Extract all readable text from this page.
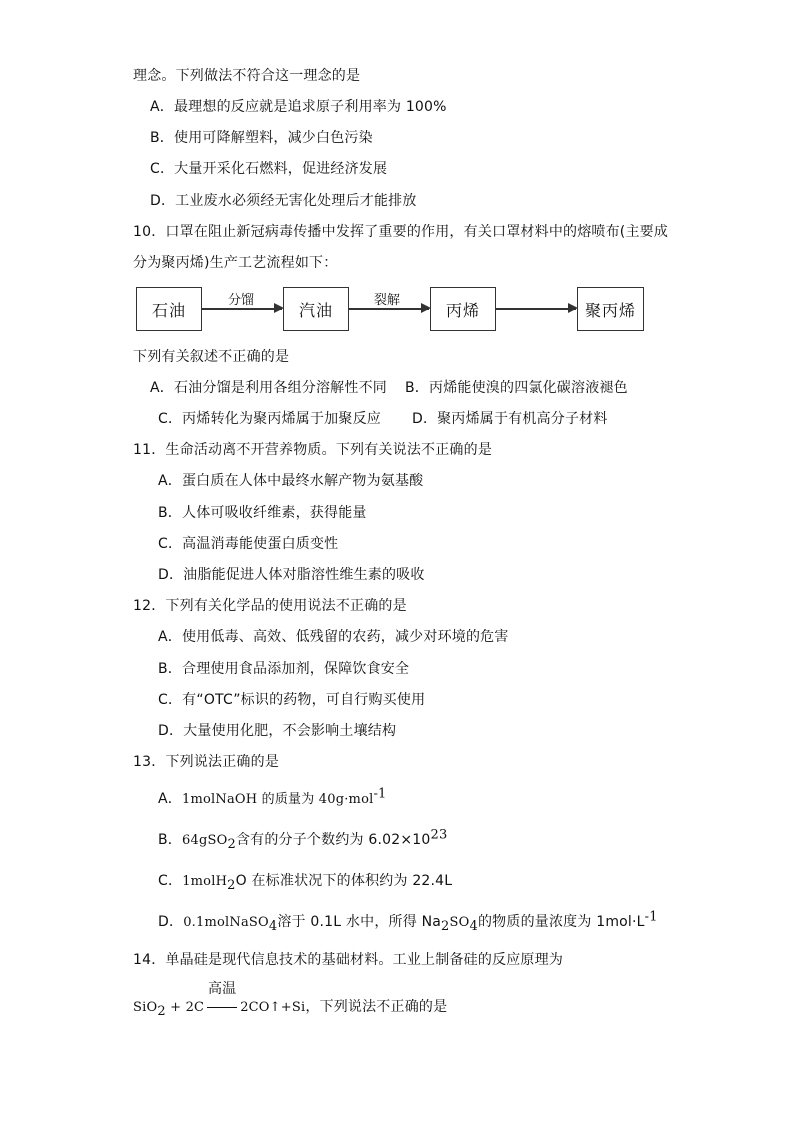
理念。下列做法不符合这一理念的是
A．最理想的反应就是追求原子利用率为 100%
B．使用可降解塑料，减少白色污染
C．大量开采化石燃料，促进经济发展
D．工业废水必须经无害化处理后才能排放
10．口罩在阻止新冠病毒传播中发挥了重要的作用，有关口罩材料中的熔喷布(主要成
分为聚丙烯)生产工艺流程如下：
石油	分馏	汽油	裂解	丙烯	聚丙烯
下列有关叙述不正确的是
A．石油分馏是利用各组分溶解性不同 B．丙烯能使溴的四氯化碳溶液褪色
C．丙烯转化为聚丙烯属于加聚反应 D．聚丙烯属于有机高分子材料
11．生命活动离不开营养物质。下列有关说法不正确的是
A．蛋白质在人体中最终水解产物为氨基酸
B．人体可吸收纤维素，获得能量
C．高温消毒能使蛋白质变性
D．油脂能促进人体对脂溶性维生素的吸收
12．下列有关化学品的使用说法不正确的是
A．使用低毒、高效、低残留的农药，减少对环境的危害
B．合理使用食品添加剂，保障饮食安全
C．有“OTC”标识的药物，可自行购买使用
D．大量使用化肥，不会影响土壤结构
13．下列说法正确的是
A．1molNaOH 的质量为 40g·mol$^{-1}$
B．64gSO$_2$含有的分子个数约为 $6.02\times 10^{23}$
C．1molH$_2$O 在标准状况下的体积约为 22.4L
D．0.1molNaSO$_4$溶于 0.1L 水中，所得 $Na_2SO_4$的物质的量浓度为 $1mol\cdot L^{-1}$
14．单晶硅是现代信息技术的基础材料。工业上制备硅的反应原理为
SiO$_2$ + 2C
高温
2CO↑+Si，下列说法不正确的是
